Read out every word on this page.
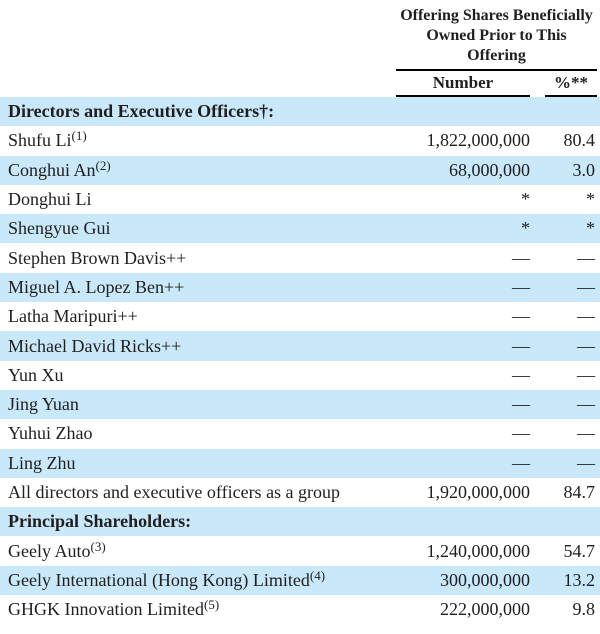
Offering Shares Beneficially
Owned Prior to This
Offering
Number	%**
Directors and Executive Officers†:
Shufu Li$^{(1)}$	1,822,000,000	80.4
Conghui An$^{(2)}$	68,000,000	3.0
Donghui Li	*	*
Shengyue Gui	*	*
Stephen Brown Davis++	—	—
Miguel A. Lopez Ben++	—	—
Latha Maripuri++	—	—
Michael David Ricks++	—	—
Yun Xu	—	—
Jing Yuan	—	—
Yuhui Zhao	—	—
Ling Zhu	—	—
All directors and executive officers as a group	1,920,000,000	84.7
Principal Shareholders:
Geely Auto$^{(3)}$	1,240,000,000	54.7
Geely International (Hong Kong) Limited$^{(4)}$	300,000,000	13.2
GHGK Innovation Limited$^{(5)}$	222,000,000	9.8
